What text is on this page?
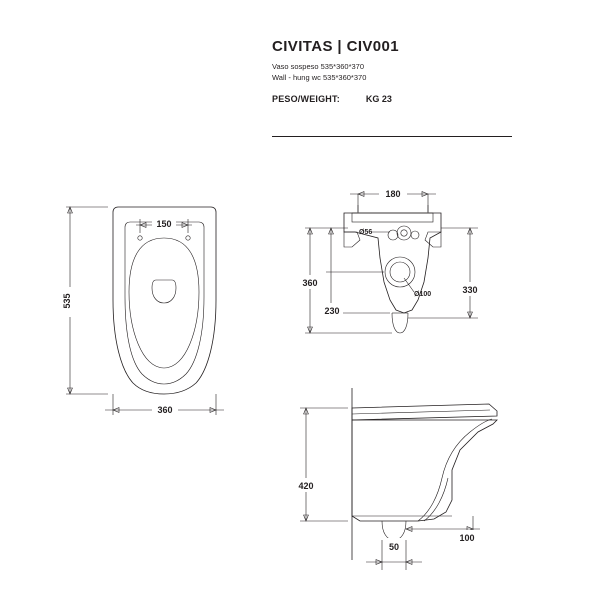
CIVITAS | CIV001
Vaso sospeso 535*360*370
Wall - hung wc 535*360*370
PESO/WEIGHT:	KG 23
150
535
360
180
Ø56
Ø100
360
230
330
420
50
100
